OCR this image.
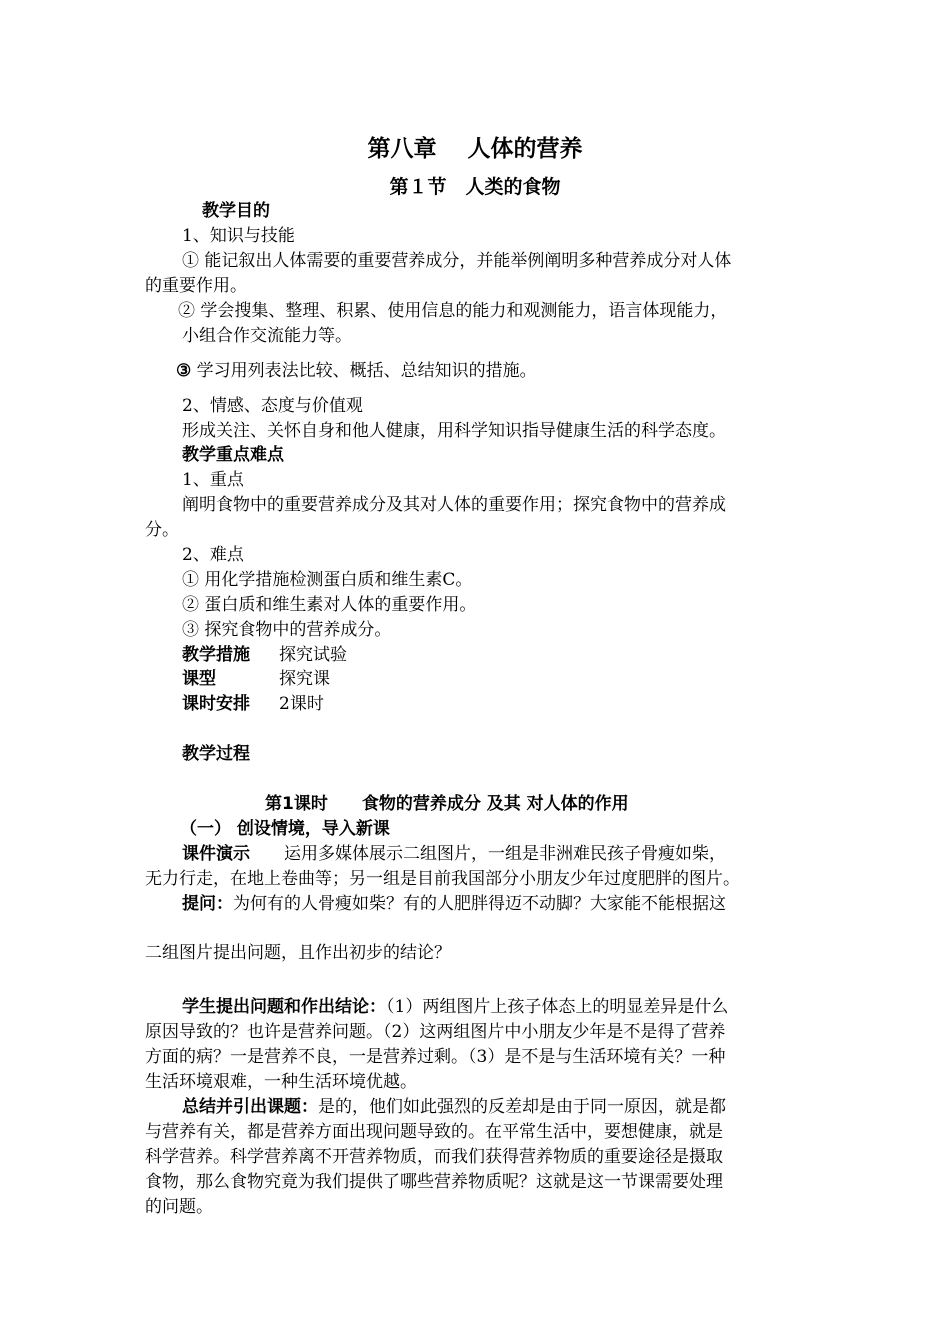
第八章　 人体的营养

第１节　人类的食物

教学目的

1、知识与技能

① 能记叙出人体需要的重要营养成分，并能举例阐明多种营养成分对人体

的重要作用。

② 学会搜集、整理、积累、使用信息的能力和观测能力，语言体现能力，

小组合作交流能力等。

③ 学习用列表法比较、概括、总结知识的措施。

2、情感、态度与价值观

形成关注、关怀自身和他人健康，用科学知识指导健康生活的科学态度。

教学重点难点

1、重点

阐明食物中的重要营养成分及其对人体的重要作用；探究食物中的营养成

分。

2、难点

① 用化学措施检测蛋白质和维生素C。

② 蛋白质和维生素对人体的重要作用。

③ 探究食物中的营养成分。

教学措施 探究试验

课型	探究课

课时安排 2课时

教学过程

第1课时　　食物的营养成分 及其 对人体的作用

（一） 创设情境，导入新课

课件演示　　运用多媒体展示二组图片，一组是非洲难民孩子骨瘦如柴，

无力行走，在地上卷曲等；另一组是目前我国部分小朋友少年过度肥胖的图片。

提问：为何有的人骨瘦如柴？有的人肥胖得迈不动脚？大家能不能根据这

二组图片提出问题，且作出初步的结论？

学生提出问题和作出结论：（1）两组图片上孩子体态上的明显差异是什么

原因导致的？也许是营养问题。（2）这两组图片中小朋友少年是不是得了营养

方面的病？一是营养不良，一是营养过剩。（3）是不是与生活环境有关？一种

生活环境艰难，一种生活环境优越。

总结并引出课题：是的，他们如此强烈的反差却是由于同一原因，就是都

与营养有关，都是营养方面出现问题导致的。在平常生活中，要想健康，就是

科学营养。科学营养离不开营养物质，而我们获得营养物质的重要途径是摄取

食物，那么食物究竟为我们提供了哪些营养物质呢？这就是这一节课需要处理

的问题。
